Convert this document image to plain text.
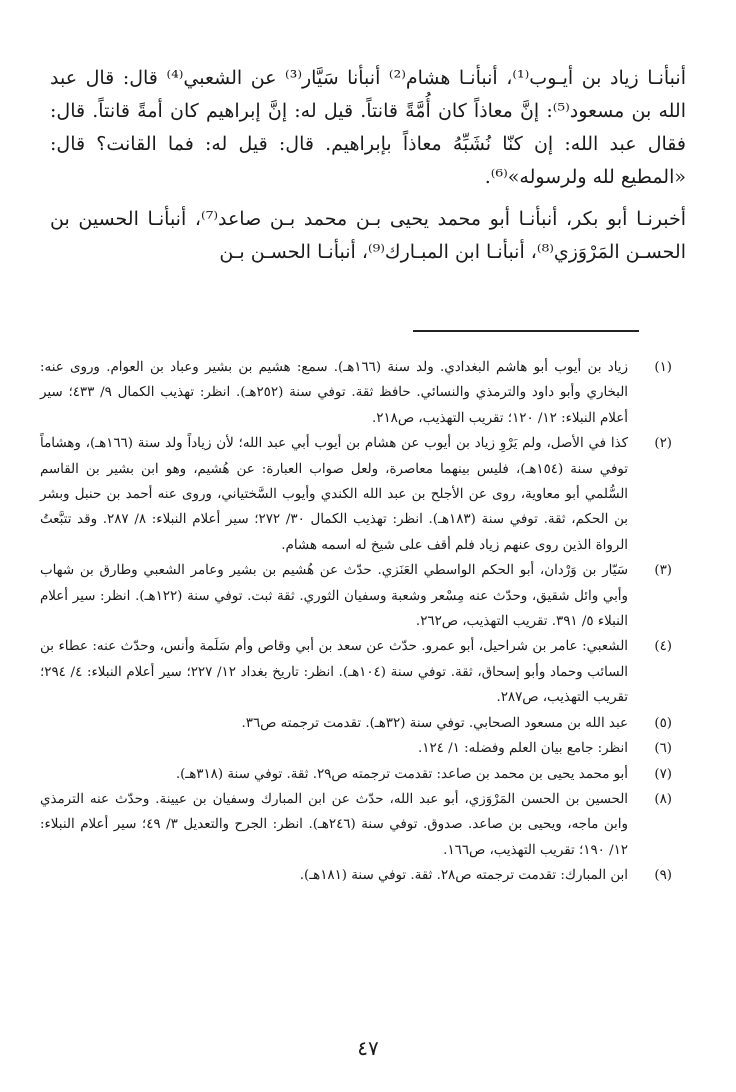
أنبأنـا زياد بن أيـوب⁽¹⁾، أنبأنـا هشام⁽²⁾ أنبأنا سَيَّار⁽³⁾ عن الشعبي⁽⁴⁾ قال: قال عبد الله بن مسعود⁽⁵⁾: إنَّ معاذاً كان أُمَّةً قانتاً. قيل له: إنَّ إبراهيم كان أمةً قانتاً. قال: فقال عبد الله: إن كنّا نُشَبِّهُ معاذاً بإبراهيم. قال: قيل له: فما القانت؟ قال: «المطيع لله ولرسوله»⁽⁶⁾.

أخبرنـا أبو بكر، أنبأنـا أبو محمد يحيى بـن محمد بـن صاعد⁽⁷⁾، أنبأنـا الحسين بن الحسـن المَرْوَزي⁽⁸⁾، أنبأنـا ابن المبـارك⁽⁹⁾، أنبأنـا الحسـن بـن

(١)
زياد بن أيوب أبو هاشم البغدادي. ولد سنة (١٦٦هـ). سمع: هشيم بن بشير وعباد بن العوام. وروى عنه: البخاري وأبو داود والترمذي والنسائي. حافظ ثقة. توفي سنة (٢٥٢هـ). انظر: تهذيب الكمال ٩/ ٤٣٣؛ سير أعلام النبلاء: ١٢/ ١٢٠؛ تقريب التهذيب، ص٢١٨.
(٢)
كذا في الأصل، ولم يَرْوِ زياد بن أيوب عن هشام بن أيوب أبي عبد الله؛ لأن زياداً ولد سنة (١٦٦هـ)، وهشاماً توفي سنة (١٥٤هـ)، فليس بينهما معاصرة، ولعل صواب العبارة: عن هُشيم، وهو ابن بشير بن القاسم السُّلمي أبو معاوية، روى عن الأجلح بن عبد الله الكندي وأيوب السَّختياني، وروى عنه أحمد بن حنبل وبشر بن الحكم، ثقة. توفي سنة (١٨٣هـ). انظر: تهذيب الكمال ٣٠/ ٢٧٢؛ سير أعلام النبلاء: ٨/ ٢٨٧. وقد تتبَّعتُ الرواة الذين روى عنهم زياد فلم أقف على شيخ له اسمه هشام.
(٣)
سَيّار بن وَرْدان، أبو الحكم الواسطي العَنَزي. حدّث عن هُشيم بن بشير وعامر الشعبي وطارق بن شهاب وأبي وائل شقيق، وحدّث عنه مِسْعر وشعبة وسفيان الثوري. ثقة ثبت. توفي سنة (١٢٢هـ). انظر: سير أعلام النبلاء ٥/ ٣٩١. تقريب التهذيب، ص٢٦٢.
(٤)
الشعبي: عامر بن شراحيل، أبو عمرو. حدّث عن سعد بن أبي وقاص وأم سَلَمة وأنس، وحدّث عنه: عطاء بن السائب وحماد وأبو إسحاق، ثقة. توفي سنة (١٠٤هـ). انظر: تاريخ بغداد ١٢/ ٢٢٧؛ سير أعلام النبلاء: ٤/ ٢٩٤؛ تقريب التهذيب، ص٢٨٧.
(٥)
عبد الله بن مسعود الصحابي. توفي سنة (٣٢هـ). تقدمت ترجمته ص٣٦.
(٦)
انظر: جامع بيان العلم وفضله: ١/ ١٢٤.
(٧)
أبو محمد يحيى بن محمد بن صاعد: تقدمت ترجمته ص٢٩. ثقة. توفي سنة (٣١٨هـ).
(٨)
الحسين بن الحسن المَرْوَزي، أبو عبد الله، حدّث عن ابن المبارك وسفيان بن عيينة. وحدّث عنه الترمذي وابن ماجه، ويحيى بن صاعد. صدوق. توفي سنة (٢٤٦هـ). انظر: الجرح والتعديل ٣/ ٤٩؛ سير أعلام النبلاء: ١٢/ ١٩٠؛ تقريب التهذيب، ص١٦٦.
(٩)
ابن المبارك: تقدمت ترجمته ص٢٨. ثقة. توفي سنة (١٨١هـ).
٤٧
